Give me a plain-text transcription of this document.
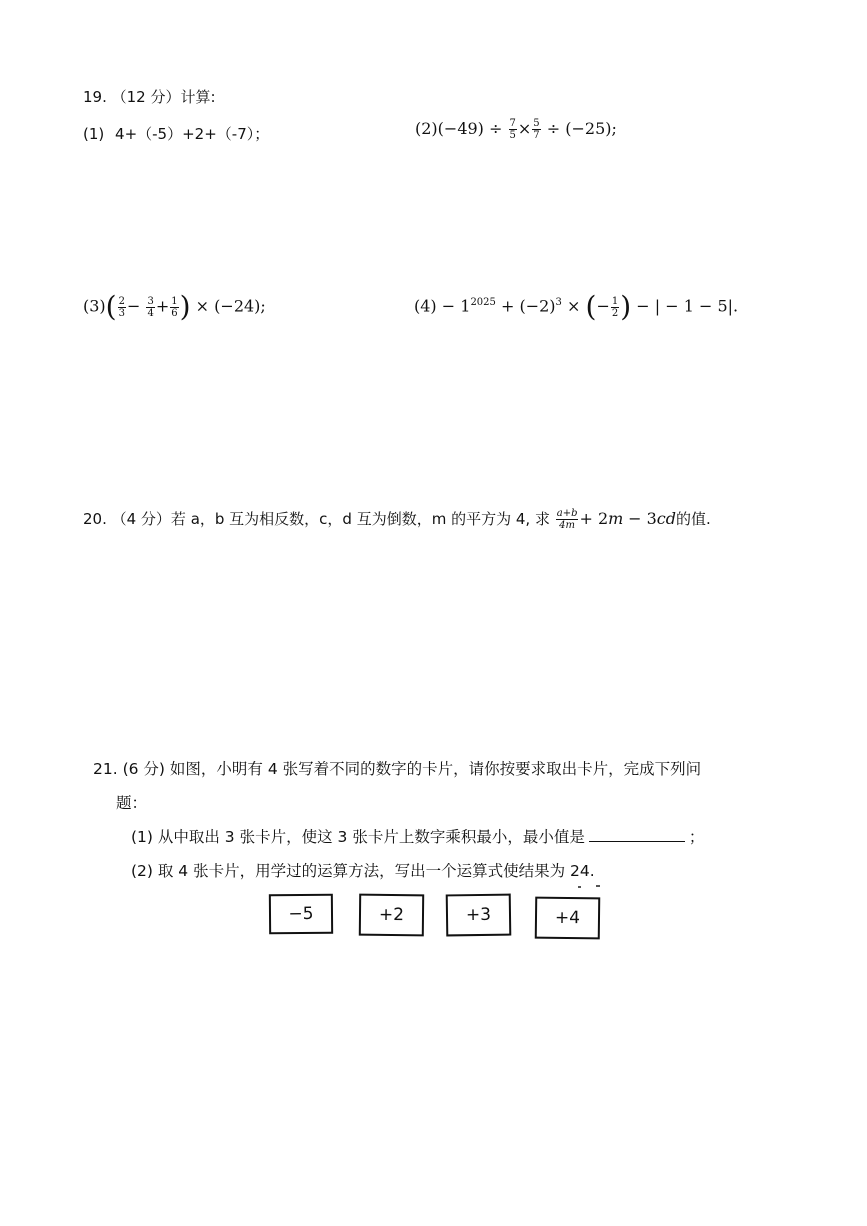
19. （12 分）计算:
(1) 4+（-5）+2+（-7）；	$(2)(-49) \div \frac{7}{5} \times \frac{5}{7} \div (-25)$;
$(3)( \frac{2}{3} - \frac{3}{4} + \frac{1}{6}$ ) × (−24);	$(4) - 1^{2025} + (-2)^3$ × (− $\frac{1}{2}$ ) − | − 1 − 5|.
20. （4 分）若 a，b 互为相反数，c，d 互为倒数，m 的平方为 4, 求 $\frac{a+b}{4m} + 2m - 3cd$的值.
21. (6 分) 如图，小明有 4 张写着不同的数字的卡片，请你按要求取出卡片，完成下列问
题：
(1) 从中取出 3 张卡片，使这 3 张卡片上数字乘积最小，最小值是	；
(2) 取 4 张卡片，用学过的运算方法，写出一个运算式使结果为 24.
−5	+2	+3	+4
